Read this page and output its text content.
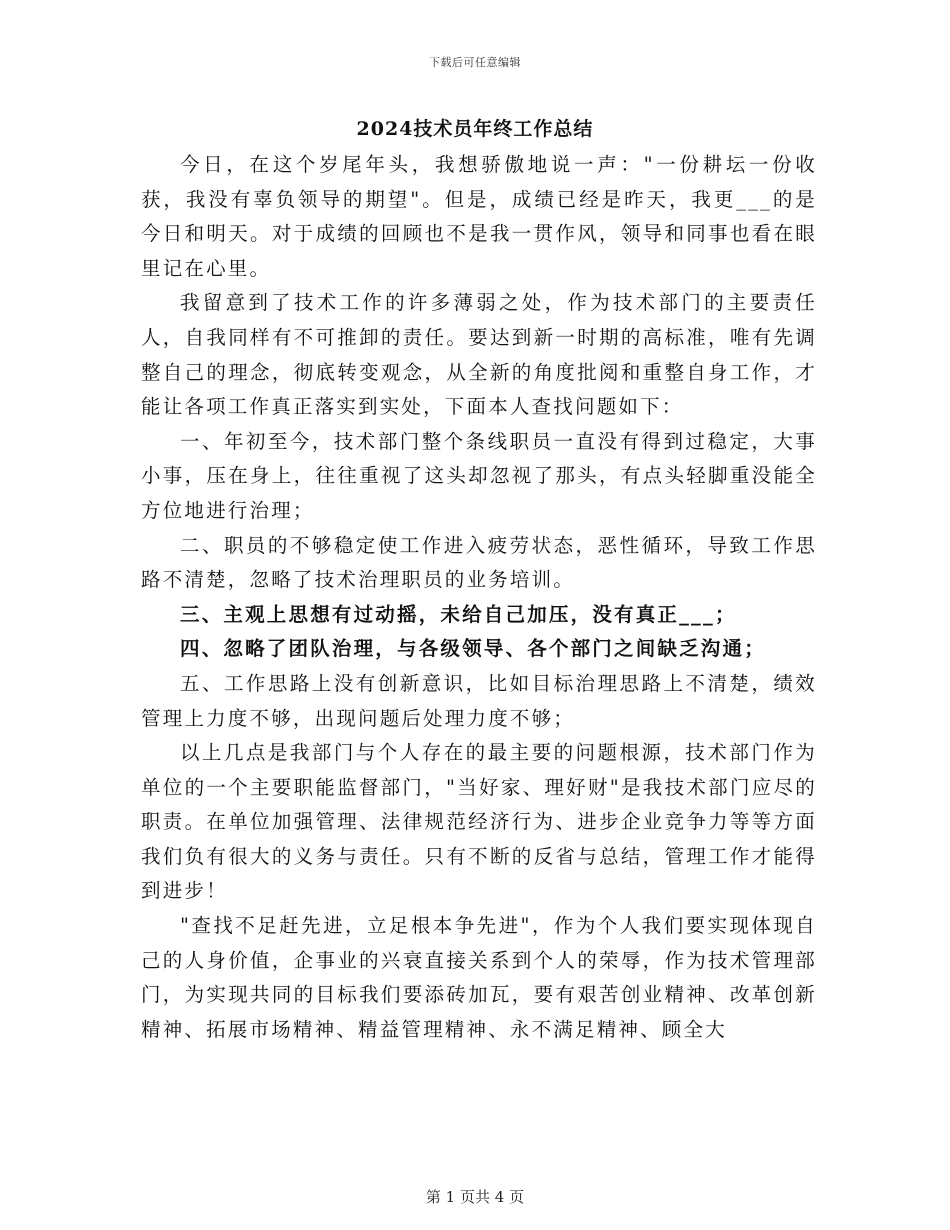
下载后可任意编辑
2024技术员年终工作总结

今日，在这个岁尾年头，我想骄傲地说一声："一份耕坛一份收获，我没有辜负领导的期望"。但是，成绩已经是昨天，我更___的是今日和明天。对于成绩的回顾也不是我一贯作风，领导和同事也看在眼里记在心里。

我留意到了技术工作的许多薄弱之处，作为技术部门的主要责任人，自我同样有不可推卸的责任。要达到新一时期的高标准，唯有先调整自己的理念，彻底转变观念，从全新的角度批阅和重整自身工作，才能让各项工作真正落实到实处，下面本人查找问题如下：

一、年初至今，技术部门整个条线职员一直没有得到过稳定，大事小事，压在身上，往往重视了这头却忽视了那头，有点头轻脚重没能全方位地进行治理；

二、职员的不够稳定使工作进入疲劳状态，恶性循环，导致工作思路不清楚，忽略了技术治理职员的业务培训。

三、主观上思想有过动摇，未给自己加压，没有真正___；

四、忽略了团队治理，与各级领导、各个部门之间缺乏沟通；

五、工作思路上没有创新意识，比如目标治理思路上不清楚，绩效管理上力度不够，出现问题后处理力度不够；

以上几点是我部门与个人存在的最主要的问题根源，技术部门作为单位的一个主要职能监督部门，"当好家、理好财"是我技术部门应尽的职责。在单位加强管理、法律规范经济行为、进步企业竞争力等等方面我们负有很大的义务与责任。只有不断的反省与总结，管理工作才能得到进步！

"查找不足赶先进，立足根本争先进"，作为个人我们要实现体现自己的人身价值，企事业的兴衰直接关系到个人的荣辱，作为技术管理部门，为实现共同的目标我们要添砖加瓦，要有艰苦创业精神、改革创新精神、拓展市场精神、精益管理精神、永不满足精神、顾全大

第 1 页共 4 页
